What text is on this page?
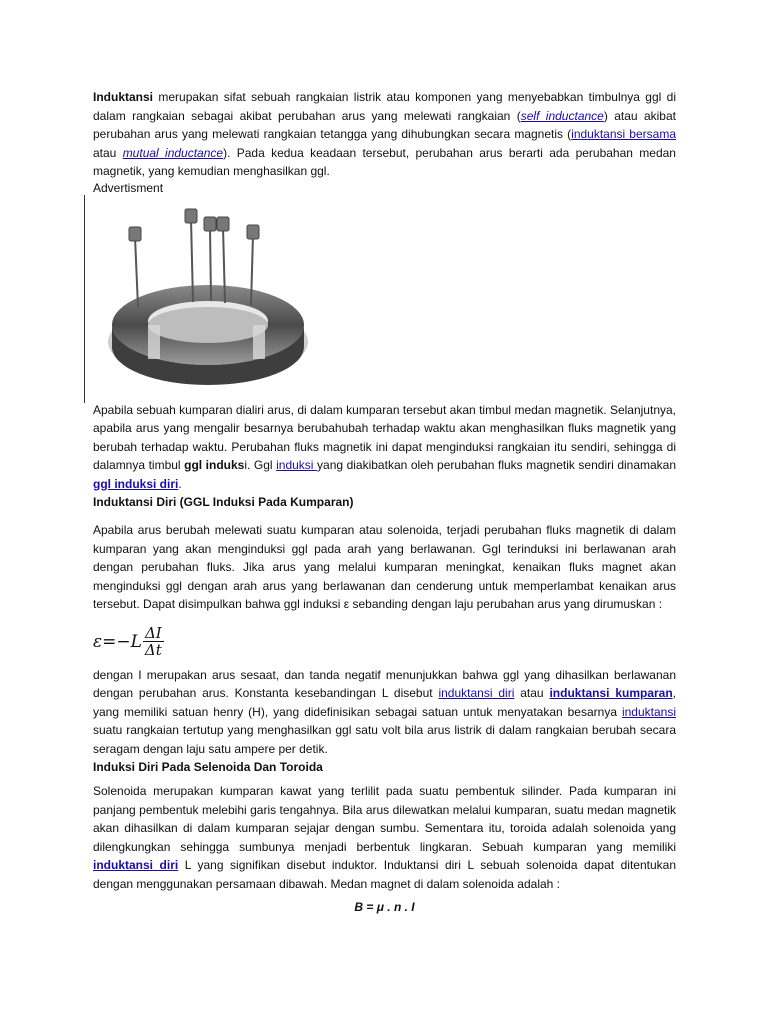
Induktansi merupakan sifat sebuah rangkaian listrik atau komponen yang menyebabkan timbulnya ggl di dalam rangkaian sebagai akibat perubahan arus yang melewati rangkaian (self inductance) atau akibat perubahan arus yang melewati rangkaian tetangga yang dihubungkan secara magnetis (induktansi bersama atau mutual inductance). Pada kedua keadaan tersebut, perubahan arus berarti ada perubahan medan magnetik, yang kemudian menghasilkan ggl.

Advertisment

Apabila sebuah kumparan dialiri arus, di dalam kumparan tersebut akan timbul medan magnetik. Selanjutnya, apabila arus yang mengalir besarnya berubahubah terhadap waktu akan menghasilkan fluks magnetik yang berubah terhadap waktu. Perubahan fluks magnetik ini dapat menginduksi rangkaian itu sendiri, sehingga di dalamnya timbul ggl induksi. Ggl induksi yang diakibatkan oleh perubahan fluks magnetik sendiri dinamakan ggl induksi diri.

Induktansi Diri (GGL Induksi Pada Kumparan)

Apabila arus berubah melewati suatu kumparan atau solenoida, terjadi perubahan fluks magnetik di dalam kumparan yang akan menginduksi ggl pada arah yang berlawanan. Ggl terinduksi ini berlawanan arah dengan perubahan fluks. Jika arus yang melalui kumparan meningkat, kenaikan fluks magnet akan menginduksi ggl dengan arah arus yang berlawanan dan cenderung untuk memperlambat kenaikan arus tersebut. Dapat disimpulkan bahwa ggl induksi ε sebanding dengan laju perubahan arus yang dirumuskan :

ε =− L $\frac{\Delta I}{\Delta t}$

dengan I merupakan arus sesaat, dan tanda negatif menunjukkan bahwa ggl yang dihasilkan berlawanan dengan perubahan arus. Konstanta kesebandingan L disebut induktansi diri atau induktansi kumparan, yang memiliki satuan henry (H), yang didefinisikan sebagai satuan untuk menyatakan besarnya induktansi suatu rangkaian tertutup yang menghasilkan ggl satu volt bila arus listrik di dalam rangkaian berubah secara seragam dengan laju satu ampere per detik.

Induksi Diri Pada Selenoida Dan Toroida

Solenoida merupakan kumparan kawat yang terlilit pada suatu pembentuk silinder. Pada kumparan ini panjang pembentuk melebihi garis tengahnya. Bila arus dilewatkan melalui kumparan, suatu medan magnetik akan dihasilkan di dalam kumparan sejajar dengan sumbu. Sementara itu, toroida adalah solenoida yang dilengkungkan sehingga sumbunya menjadi berbentuk lingkaran. Sebuah kumparan yang memiliki induktansi diri L yang signifikan disebut induktor. Induktansi diri L sebuah solenoida dapat ditentukan dengan menggunakan persamaan dibawah. Medan magnet di dalam solenoida adalah :

B = μ . n . I
